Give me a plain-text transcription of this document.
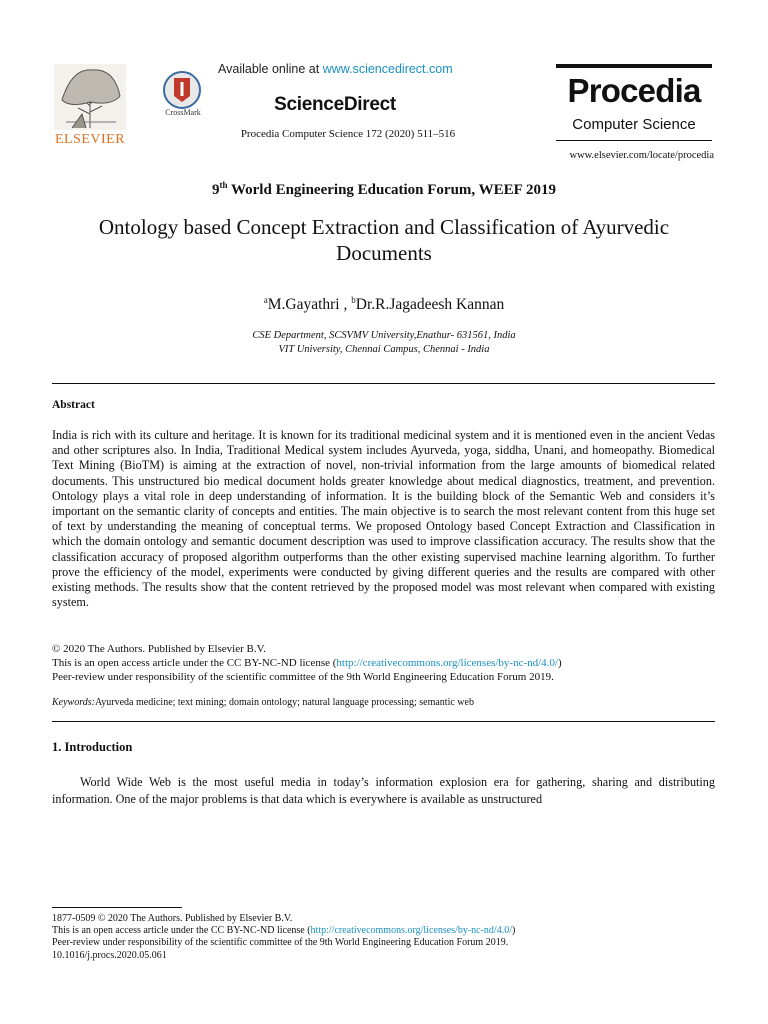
ELSEVIER
CrossMark
Available online at www.sciencedirect.com
ScienceDirect
Procedia Computer Science 172 (2020) 511–516
Procedia
Computer Science
www.elsevier.com/locate/procedia
9th World Engineering Education Forum, WEEF 2019
Ontology based Concept Extraction and Classification of Ayurvedic
Documents
$^a$M.Gayathri , $^b$Dr.R.Jagadeesh Kannan
CSE Department, SCSVMV University,Enathur- 631561, India
VIT University, Chennai Campus, Chennai - India
Abstract
India is rich with its culture and heritage. It is known for its traditional medicinal system and it is mentioned even in the ancient Vedas and other scriptures also. In India, Traditional Medical system includes Ayurveda, yoga, siddha, Unani, and homeopathy. Biomedical Text Mining (BioTM) is aiming at the extraction of novel, non-trivial information from the large amounts of biomedical related documents. This unstructured bio medical document holds greater knowledge about medical diagnostics, treatment, and prevention. Ontology plays a vital role in deep understanding of information. It is the building block of the Semantic Web and considers it’s important on the semantic clarity of concepts and entities. The main objective is to search the most relevant content from this huge set of text by understanding the meaning of conceptual terms. We proposed Ontology based Concept Extraction and Classification in which the domain ontology and semantic document description was used to improve classification accuracy. The results show that the classification accuracy of proposed algorithm outperforms than the other existing supervised machine learning algorithm. To further prove the efficiency of the model, experiments were conducted by giving different queries and the results are compared with other existing methods. The results show that the content retrieved by the proposed model was most relevant when compared with existing system.
© 2020 The Authors. Published by Elsevier B.V.
This is an open access article under the CC BY-NC-ND license (http://creativecommons.org/licenses/by-nc-nd/4.0/)
Peer-review under responsibility of the scientific committee of the 9th World Engineering Education Forum 2019.
Keywords:Ayurveda medicine; text mining; domain ontology; natural language processing; semantic web
1. Introduction
World Wide Web is the most useful media in today’s information explosion era for gathering, sharing and distributing information. One of the major problems is that data which is everywhere is available as unstructured
1877-0509 © 2020 The Authors. Published by Elsevier B.V.
This is an open access article under the CC BY-NC-ND license (http://creativecommons.org/licenses/by-nc-nd/4.0/)
Peer-review under responsibility of the scientific committee of the 9th World Engineering Education Forum 2019.
10.1016/j.procs.2020.05.061
